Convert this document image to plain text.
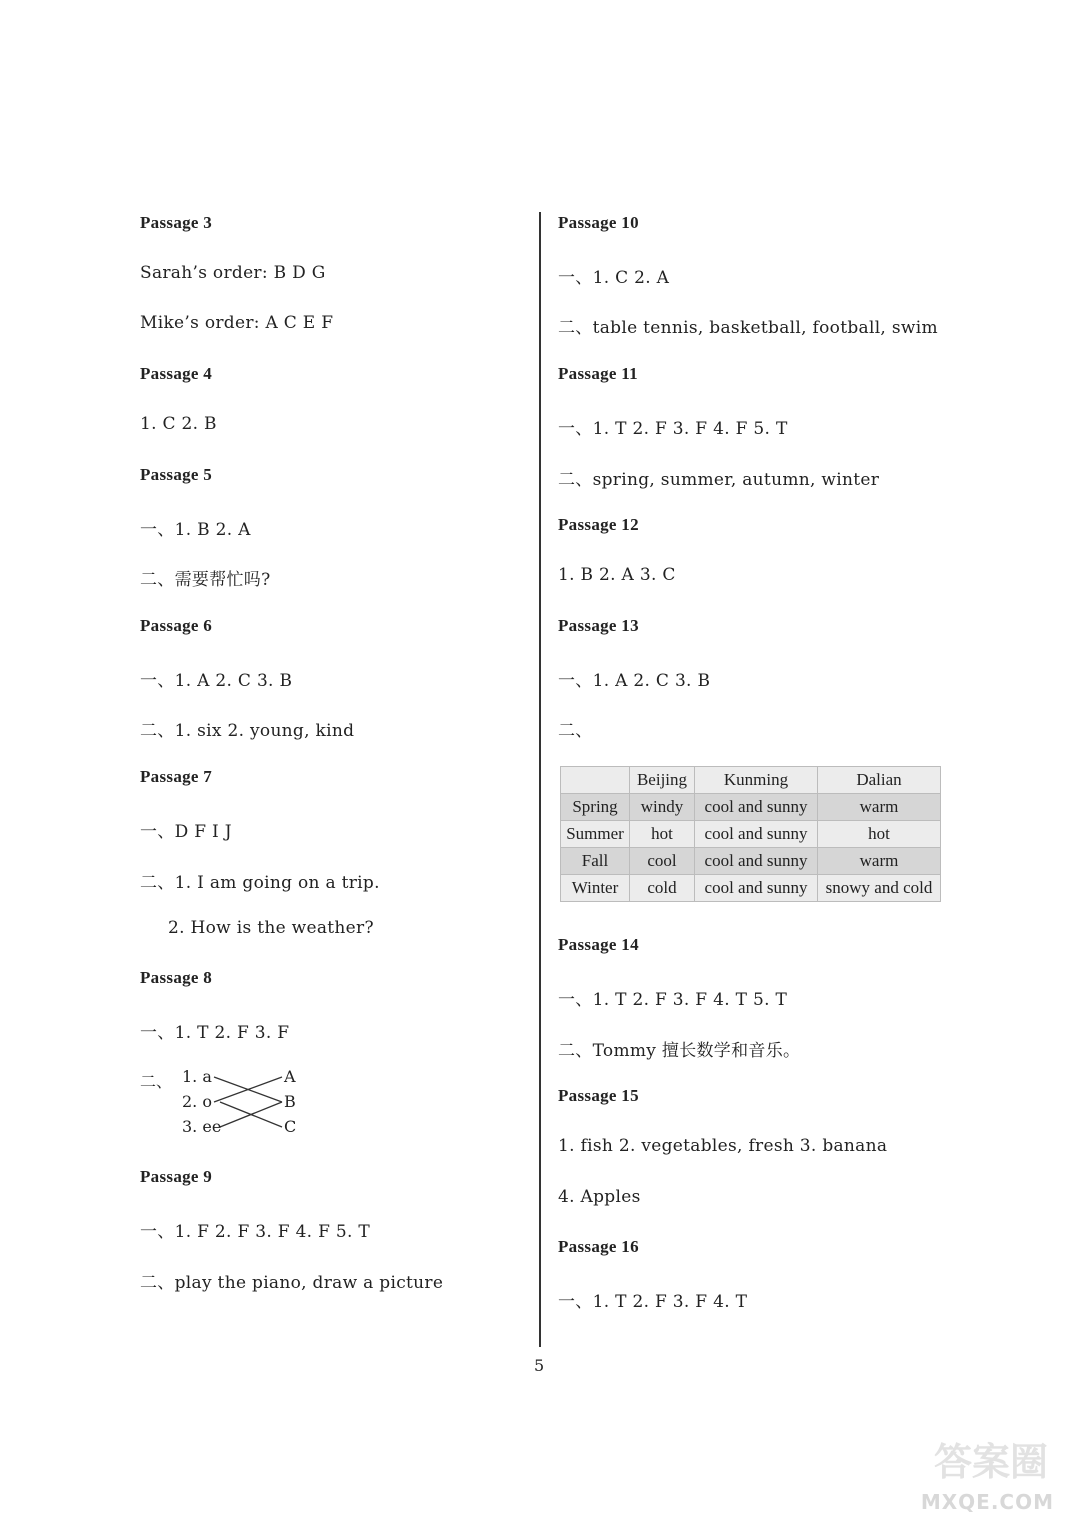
Passage 3
Sarah’s order: B D G
Mike’s order: A C E F
Passage 4
1. C 2. B
Passage 5
一、1. B 2. A
二、需要帮忙吗?
Passage 6
一、1. A 2. C 3. B
二、1. six 2. young, kind
Passage 7
一、D F I J
二、1. I am going on a trip.
2. How is the weather?
Passage 8
一、1. T 2. F 3. F
二、 1. a
2. o
3. ee
A
B
C
Passage 9
一、1. F 2. F 3. F 4. F 5. T
二、play the piano, draw a picture
Passage 10
一、1. C 2. A
二、table tennis, basketball, football, swim
Passage 11
一、1. T 2. F 3. F 4. F 5. T
二、spring, summer, autumn, winter
Passage 12
1. B 2. A 3. C
Passage 13
一、1. A 2. C 3. B
二、
	Beijing	Kunming	Dalian
Spring	windy	cool and sunny	warm
Summer	hot	cool and sunny	hot
Fall	cool	cool and sunny	warm
Winter	cold	cool and sunny	snowy and cold
Passage 14
一、1. T 2. F 3. F 4. T 5. T
二、Tommy 擅长数学和音乐。
Passage 15
1. fish 2. vegetables, fresh 3. banana
4. Apples
Passage 16
一、1. T 2. F 3. F 4. T
5
答案圈
MXQE.COM
